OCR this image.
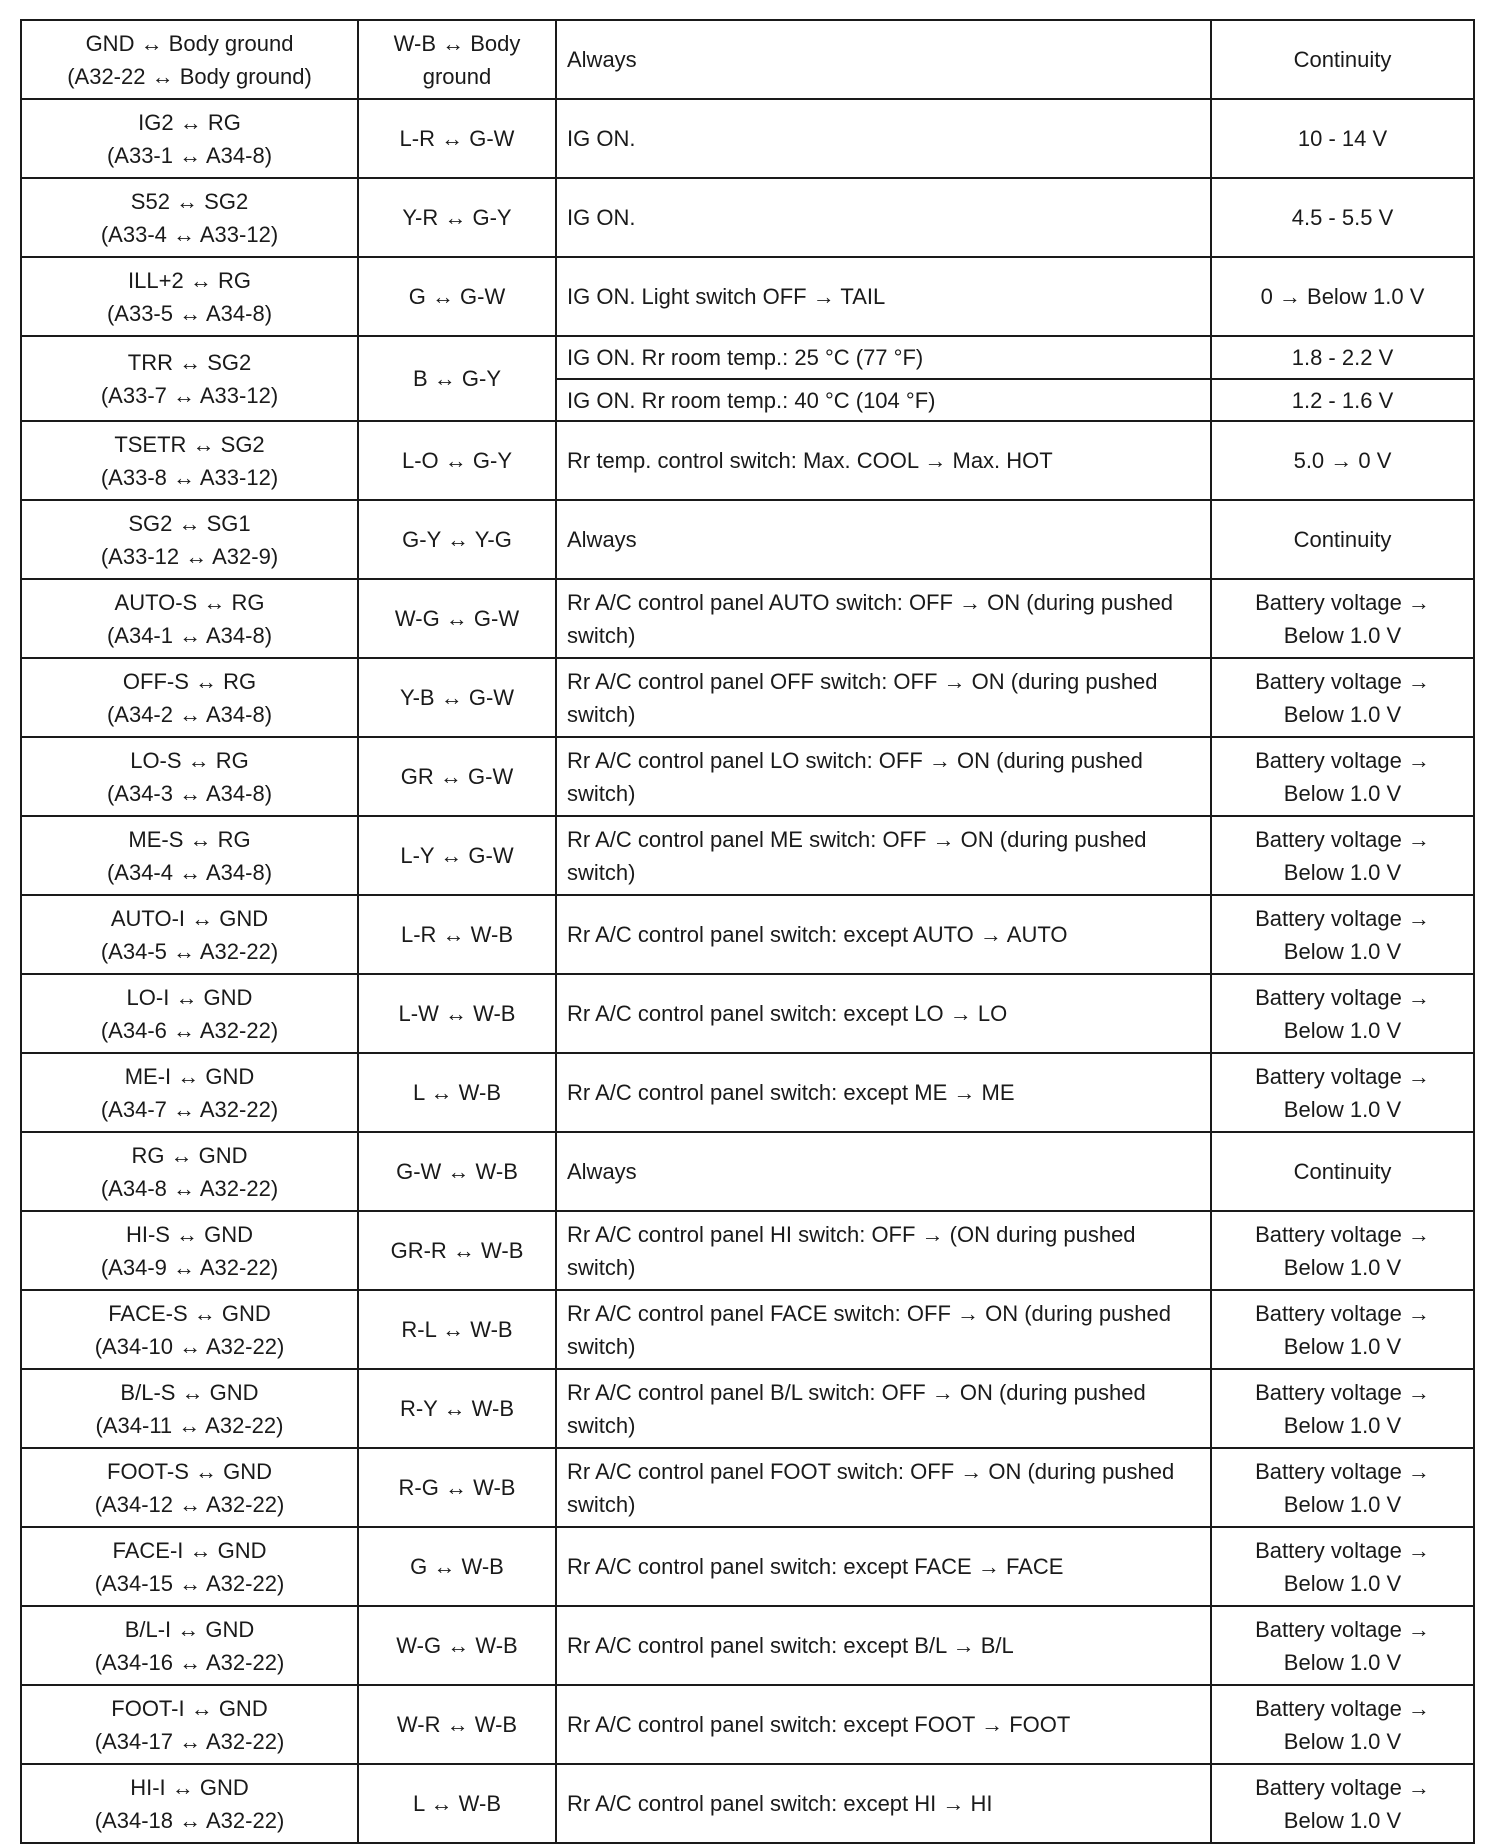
GND ↔ Body ground
(A32-22 ↔ Body ground)	W-B ↔ Body
ground	Always	Continuity

IG2 ↔ RG
(A33-1 ↔ A34-8)	L-R ↔ G-W	IG ON.	10 - 14 V

S52 ↔ SG2
(A33-4 ↔ A33-12)	Y-R ↔ G-Y	IG ON.	4.5 - 5.5 V

ILL+2 ↔ RG
(A33-5 ↔ A34-8)	G ↔ G-W	IG ON. Light switch OFF → TAIL	0 → Below 1.0 V

TRR ↔ SG2
(A33-7 ↔ A33-12)	B ↔ G-Y	IG ON. Rr room temp.: 25 °C (77 °F)	1.8 - 2.2 V

		IG ON. Rr room temp.: 40 °C (104 °F)	1.2 - 1.6 V

TSETR ↔ SG2
(A33-8 ↔ A33-12)	L-O ↔ G-Y	Rr temp. control switch: Max. COOL → Max. HOT	5.0 → 0 V

SG2 ↔ SG1
(A33-12 ↔ A32-9)	G-Y ↔ Y-G	Always	Continuity

AUTO-S ↔ RG
(A34-1 ↔ A34-8)	W-G ↔ G-W	Rr A/C control panel AUTO switch: OFF → ON (during pushed switch)	Battery voltage →
Below 1.0 V

OFF-S ↔ RG
(A34-2 ↔ A34-8)	Y-B ↔ G-W	Rr A/C control panel OFF switch: OFF → ON (during pushed switch)	Battery voltage →
Below 1.0 V

LO-S ↔ RG
(A34-3 ↔ A34-8)	GR ↔ G-W	Rr A/C control panel LO switch: OFF → ON (during pushed switch)	Battery voltage →
Below 1.0 V

ME-S ↔ RG
(A34-4 ↔ A34-8)	L-Y ↔ G-W	Rr A/C control panel ME switch: OFF → ON (during pushed switch)	Battery voltage →
Below 1.0 V

AUTO-I ↔ GND
(A34-5 ↔ A32-22)	L-R ↔ W-B	Rr A/C control panel switch: except AUTO → AUTO	Battery voltage →
Below 1.0 V

LO-I ↔ GND
(A34-6 ↔ A32-22)	L-W ↔ W-B	Rr A/C control panel switch: except LO → LO	Battery voltage →
Below 1.0 V

ME-I ↔ GND
(A34-7 ↔ A32-22)	L ↔ W-B	Rr A/C control panel switch: except ME → ME	Battery voltage →
Below 1.0 V

RG ↔ GND
(A34-8 ↔ A32-22)	G-W ↔ W-B	Always	Continuity

HI-S ↔ GND
(A34-9 ↔ A32-22)	GR-R ↔ W-B	Rr A/C control panel HI switch: OFF → (ON during pushed switch)	Battery voltage →
Below 1.0 V

FACE-S ↔ GND
(A34-10 ↔ A32-22)	R-L ↔ W-B	Rr A/C control panel FACE switch: OFF → ON (during pushed switch)	Battery voltage →
Below 1.0 V

B/L-S ↔ GND
(A34-11 ↔ A32-22)	R-Y ↔ W-B	Rr A/C control panel B/L switch: OFF → ON (during pushed switch)	Battery voltage →
Below 1.0 V

FOOT-S ↔ GND
(A34-12 ↔ A32-22)	R-G ↔ W-B	Rr A/C control panel FOOT switch: OFF → ON (during pushed switch)	Battery voltage →
Below 1.0 V

FACE-I ↔ GND
(A34-15 ↔ A32-22)	G ↔ W-B	Rr A/C control panel switch: except FACE → FACE	Battery voltage →
Below 1.0 V

B/L-I ↔ GND
(A34-16 ↔ A32-22)	W-G ↔ W-B	Rr A/C control panel switch: except B/L → B/L	Battery voltage →
Below 1.0 V

FOOT-I ↔ GND
(A34-17 ↔ A32-22)	W-R ↔ W-B	Rr A/C control panel switch: except FOOT → FOOT	Battery voltage →
Below 1.0 V

HI-I ↔ GND
(A34-18 ↔ A32-22)	L ↔ W-B	Rr A/C control panel switch: except HI → HI	Battery voltage →
Below 1.0 V
